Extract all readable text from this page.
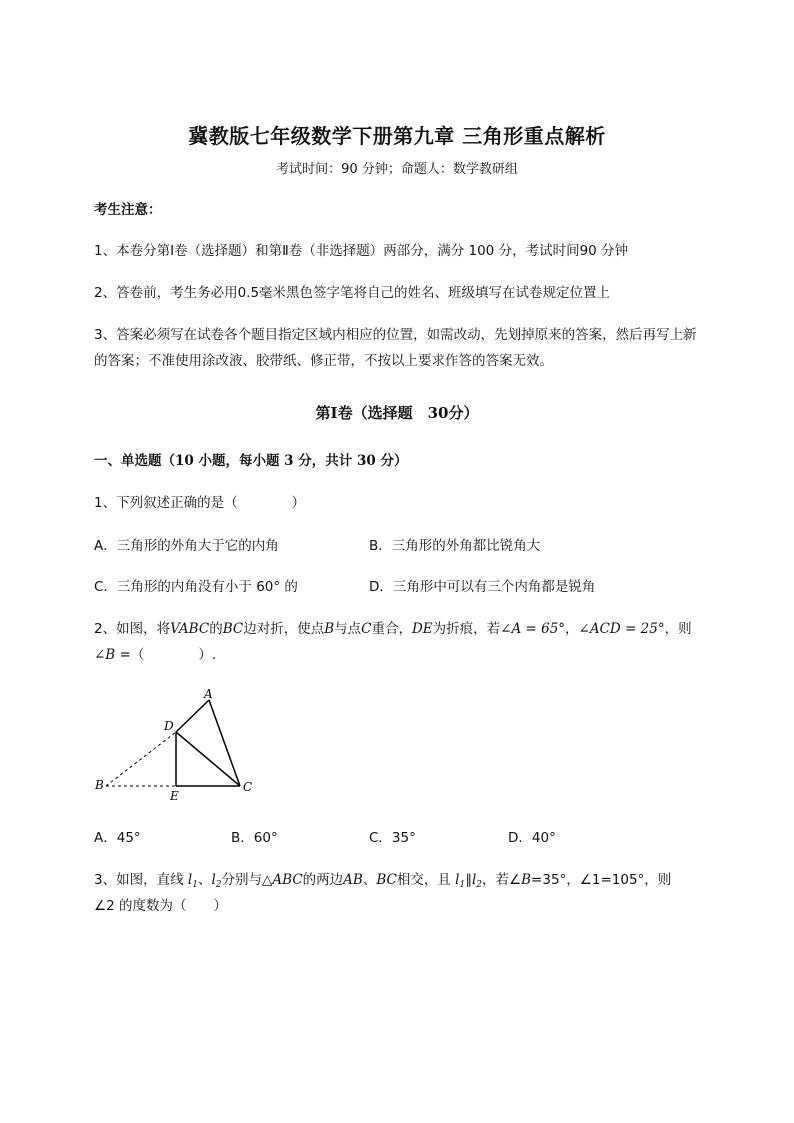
冀教版七年级数学下册第九章 三角形重点解析
考试时间：90 分钟；命题人：数学教研组
考生注意：
1、本卷分第Ⅰ卷（选择题）和第Ⅱ卷（非选择题）两部分，满分 100 分，考试时间90 分钟
2、答卷前，考生务必用0.5毫米黑色签字笔将自己的姓名、班级填写在试卷规定位置上
3、答案必须写在试卷各个题目指定区域内相应的位置，如需改动，先划掉原来的答案，然后再写上新
的答案；不准使用涂改液、胶带纸、修正带，不按以上要求作答的答案无效。
第Ⅰ卷（选择题　30分）
一、单选题（10 小题，每小题 3 分，共计 30 分）
1、下列叙述正确的是（　　　　）
A．三角形的外角大于它的内角	B．三角形的外角都比锐角大
C．三角形的内角没有小于 60° 的	D．三角形中可以有三个内角都是锐角
2、如图，将VABC的BC边对折，使点B与点C重合，DE为折痕，若∠A = 65°，∠ACD = 25°，则
∠B =（　　　　）.
A
D
B
E
C
A．45°	B．60°	C．35°	D．40°
3、如图，直线 $l_1$、$l_2$分别与△ABC的两边AB、BC相交，且 $l_1\parallel l_2$，若∠B=35°，∠1=105°，则
∠2 的度数为（　　）
